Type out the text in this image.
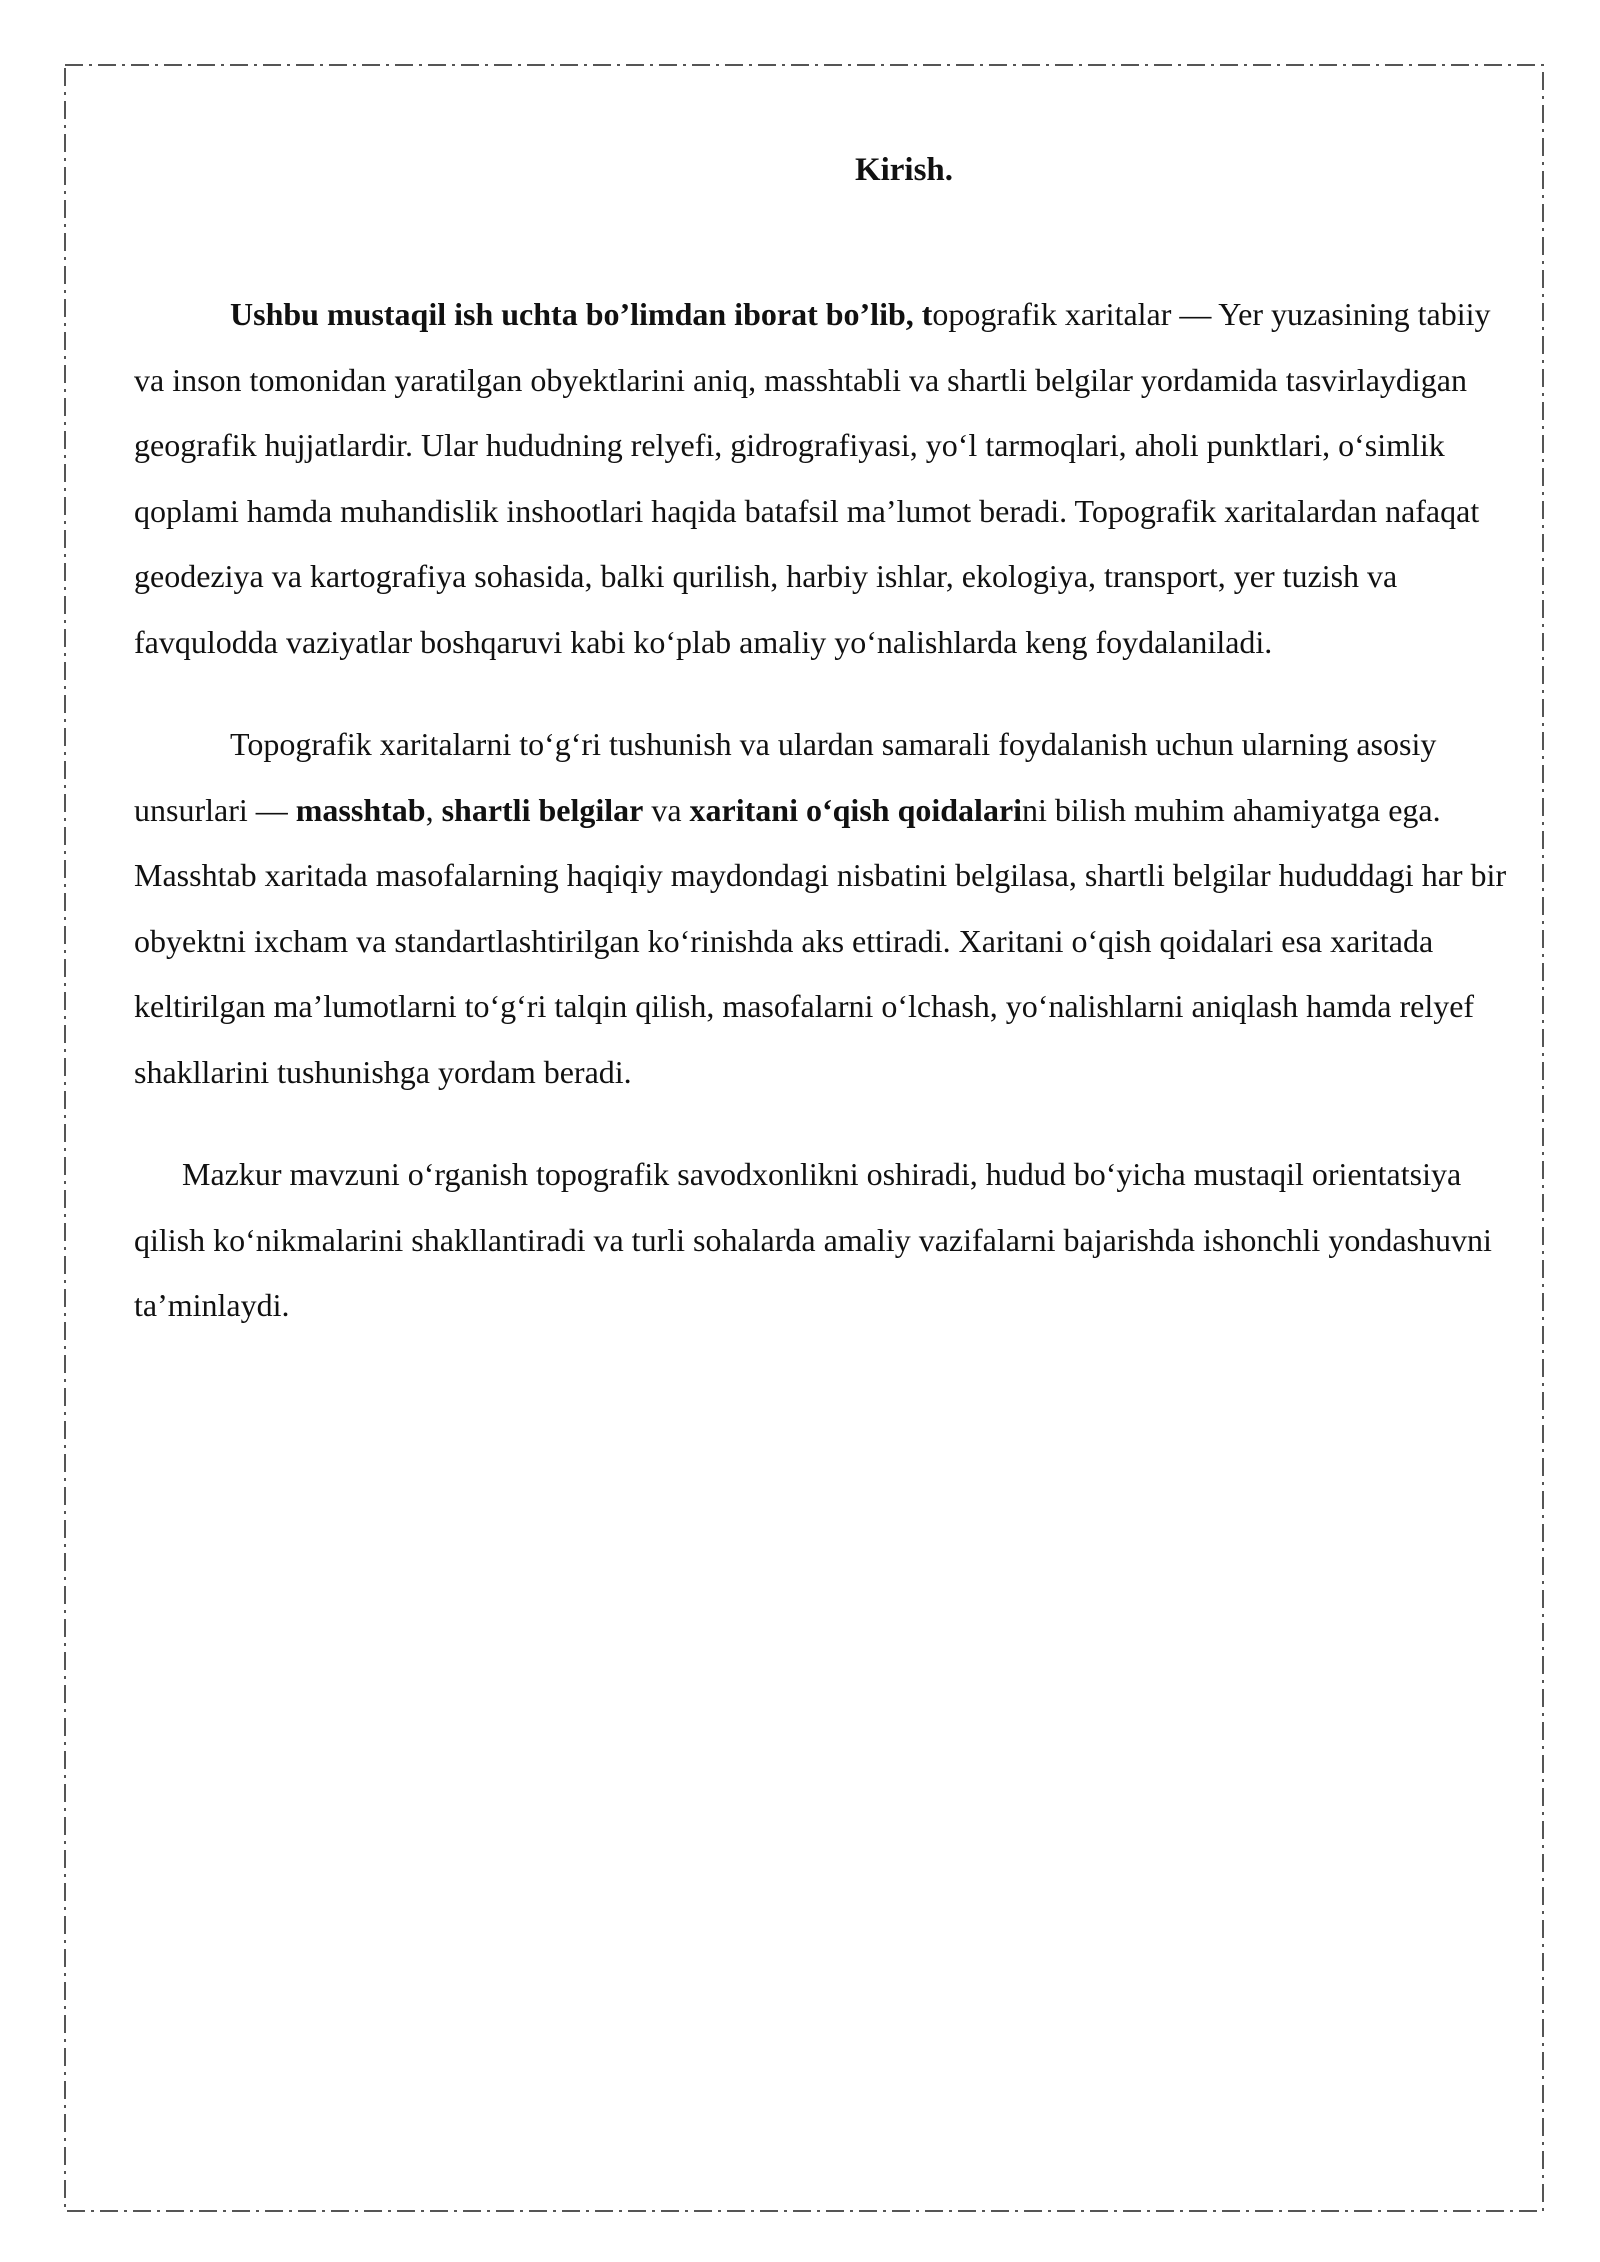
Kirish.

Ushbu mustaqil ish uchta bo’limdan iborat bo’lib, topografik xaritalar — Yer yuzasining tabiiy va inson tomonidan yaratilgan obyektlarini aniq, masshtabli va shartli belgilar yordamida tasvirlaydigan geografik hujjatlardir. Ular hududning relyefi, gidrografiyasi, yo‘l tarmoqlari, aholi punktlari, o‘simlik qoplami hamda muhandislik inshootlari haqida batafsil ma’lumot beradi. Topografik xaritalardan nafaqat geodeziya va kartografiya sohasida, balki qurilish, harbiy ishlar, ekologiya, transport, yer tuzish va favqulodda vaziyatlar boshqaruvi kabi ko‘plab amaliy yo‘nalishlarda keng foydalaniladi.

Topografik xaritalarni to‘g‘ri tushunish va ulardan samarali foydalanish uchun ularning asosiy unsurlari — masshtab, shartli belgilar va xaritani o‘qish qoidalarini bilish muhim ahamiyatga ega. Masshtab xaritada masofalarning haqiqiy maydondagi nisbatini belgilasa, shartli belgilar hududdagi har bir obyektni ixcham va standartlashtirilgan ko‘rinishda aks ettiradi. Xaritani o‘qish qoidalari esa xaritada keltirilgan ma’lumotlarni to‘g‘ri talqin qilish, masofalarni o‘lchash, yo‘nalishlarni aniqlash hamda relyef shakllarini tushunishga yordam beradi.

Mazkur mavzuni o‘rganish topografik savodxonlikni oshiradi, hudud bo‘yicha mustaqil orientatsiya qilish ko‘nikmalarini shakllantiradi va turli sohalarda amaliy vazifalarni bajarishda ishonchli yondashuvni ta’minlaydi.
